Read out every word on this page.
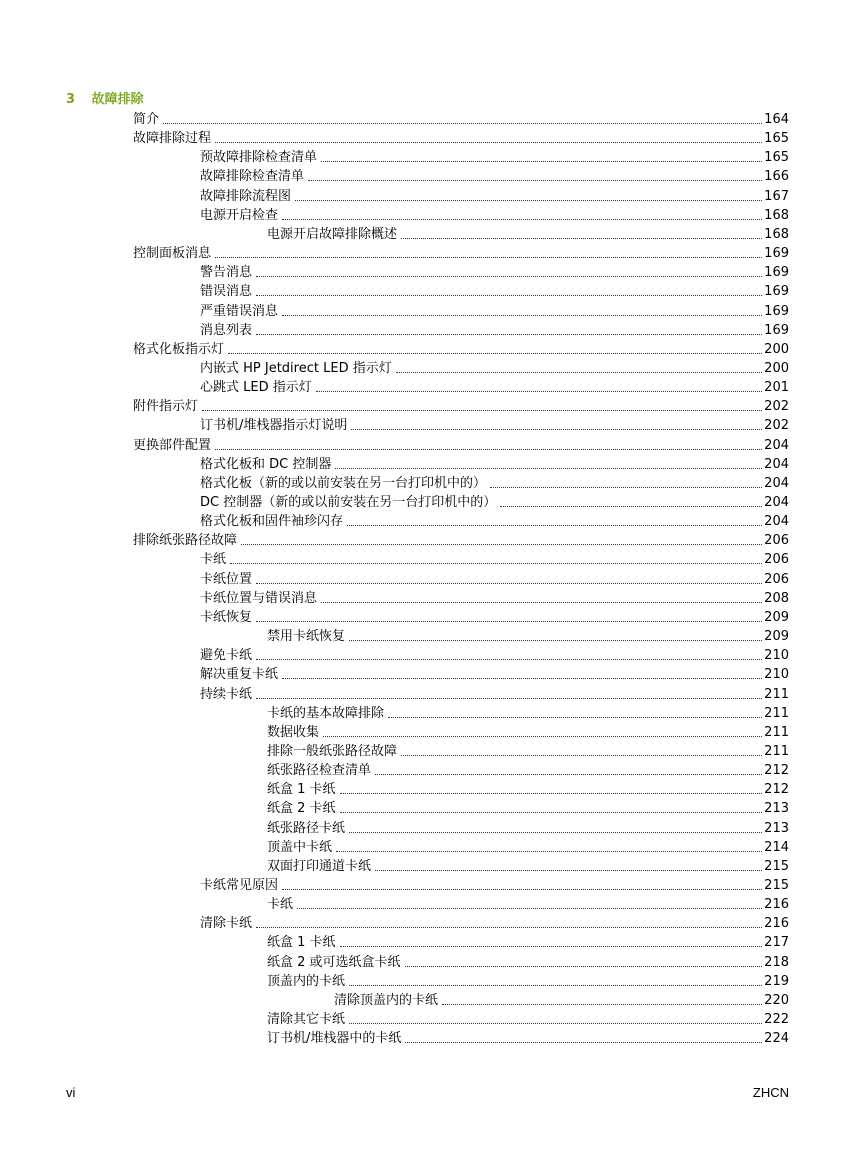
3 故障排除
简介	164
故障排除过程	165
预故障排除检查清单	165
故障排除检查清单	166
故障排除流程图	167
电源开启检查	168
电源开启故障排除概述	168
控制面板消息	169
警告消息	169
错误消息	169
严重错误消息	169
消息列表	169
格式化板指示灯	200
内嵌式 HP Jetdirect LED 指示灯	200
心跳式 LED 指示灯	201
附件指示灯	202
订书机/堆栈器指示灯说明	202
更换部件配置	204
格式化板和 DC 控制器	204
格式化板（新的或以前安装在另一台打印机中的）	204
DC 控制器（新的或以前安装在另一台打印机中的）	204
格式化板和固件袖珍闪存	204
排除纸张路径故障	206
卡纸	206
卡纸位置	206
卡纸位置与错误消息	208
卡纸恢复	209
禁用卡纸恢复	209
避免卡纸	210
解决重复卡纸	210
持续卡纸	211
卡纸的基本故障排除	211
数据收集	211
排除一般纸张路径故障	211
纸张路径检查清单	212
纸盒 1 卡纸	212
纸盒 2 卡纸	213
纸张路径卡纸	213
顶盖中卡纸	214
双面打印通道卡纸	215
卡纸常见原因	215
卡纸	216
清除卡纸	216
纸盒 1 卡纸	217
纸盒 2 或可选纸盒卡纸	218
顶盖内的卡纸	219
清除顶盖内的卡纸	220
清除其它卡纸	222
订书机/堆栈器中的卡纸	224
vi	ZHCN
